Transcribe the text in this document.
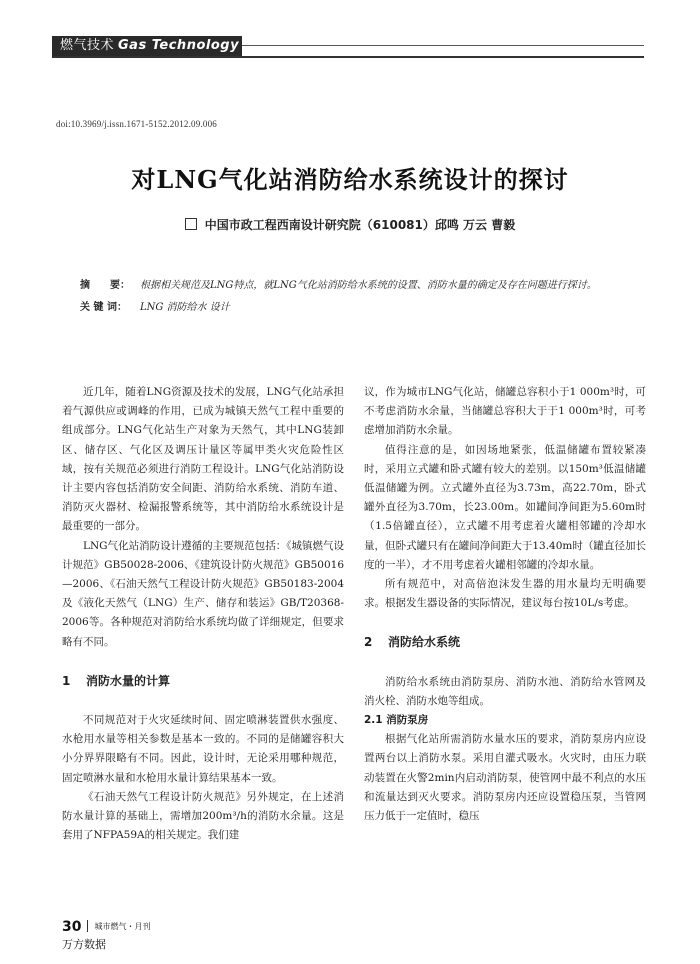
燃气技术 Gas Technology
doi:10.3969/j.issn.1671-5152.2012.09.006
对LNG气化站消防给水系统设计的探讨
中国市政工程西南设计研究院（610081）邱鸣 万云 曹毅
摘　　要：	根据相关规范及LNG特点，就LNG气化站消防给水系统的设置、消防水量的确定及存在问题进行探讨。
关 键 词：	LNG 消防给水 设计

近几年，随着LNG资源及技术的发展，LNG气化站承担着气源供应或调峰的作用，已成为城镇天然气工程中重要的组成部分。LNG气化站生产对象为天然气，其中LNG装卸区、储存区、气化区及调压计量区等属甲类火灾危险性区域，按有关规范必须进行消防工程设计。LNG气化站消防设计主要内容包括消防安全间距、消防给水系统、消防车道、消防灭火器材、检漏报警系统等，其中消防给水系统设计是最重要的一部分。

LNG气化站消防设计遵循的主要规范包括：《城镇燃气设计规范》GB50028-2006、《建筑设计防火规范》GB50016—2006、《石油天然气工程设计防火规范》GB50183-2004及《液化天然气（LNG）生产、储存和装运》GB/T20368-2006等。各种规范对消防给水系统均做了详细规定，但要求略有不同。

1 消防水量的计算

不同规范对于火灾延续时间、固定喷淋装置供水强度、水枪用水量等相关参数是基本一致的。不同的是储罐容积大小分界界限略有不同。因此，设计时，无论采用哪种规范，固定喷淋水量和水枪用水量计算结果基本一致。

《石油天然气工程设计防火规范》另外规定，在上述消防水量计算的基础上，需增加200m³/h的消防水余量。这是套用了NFPA59A的相关规定。我们建

议，作为城市LNG气化站，储罐总容积小于1 000m³时，可不考虑消防水余量，当储罐总容积大于于1 000m³时，可考虑增加消防水余量。

值得注意的是，如因场地紧张，低温储罐布置较紧凑时，采用立式罐和卧式罐有较大的差别。以150m³低温储罐低温储罐为例。立式罐外直径为3.73m，高22.70m，卧式罐外直径为3.70m，长23.00m。如罐间净间距为5.60m时（1.5倍罐直径），立式罐不用考虑着火罐相邻罐的冷却水量，但卧式罐只有在罐间净间距大于13.40m时（罐直径加长度的一半），才不用考虑着火罐相邻罐的冷却水量。

所有规范中，对高倍泡沫发生器的用水量均无明确要求。根据发生器设备的实际情况，建议每台按10L/s考虑。

2 消防给水系统

消防给水系统由消防泵房、消防水池、消防给水管网及消火栓、消防水炮等组成。

2.1 消防泵房

根据气化站所需消防水量水压的要求，消防泵房内应设置两台以上消防水泵。采用自灌式吸水。火灾时，由压力联动装置在火警2min内启动消防泵，使管网中最不利点的水压和流量达到灭火要求。消防泵房内还应设置稳压泵，当管网压力低于一定值时，稳压

30 城市燃气・月刊
万方数据
